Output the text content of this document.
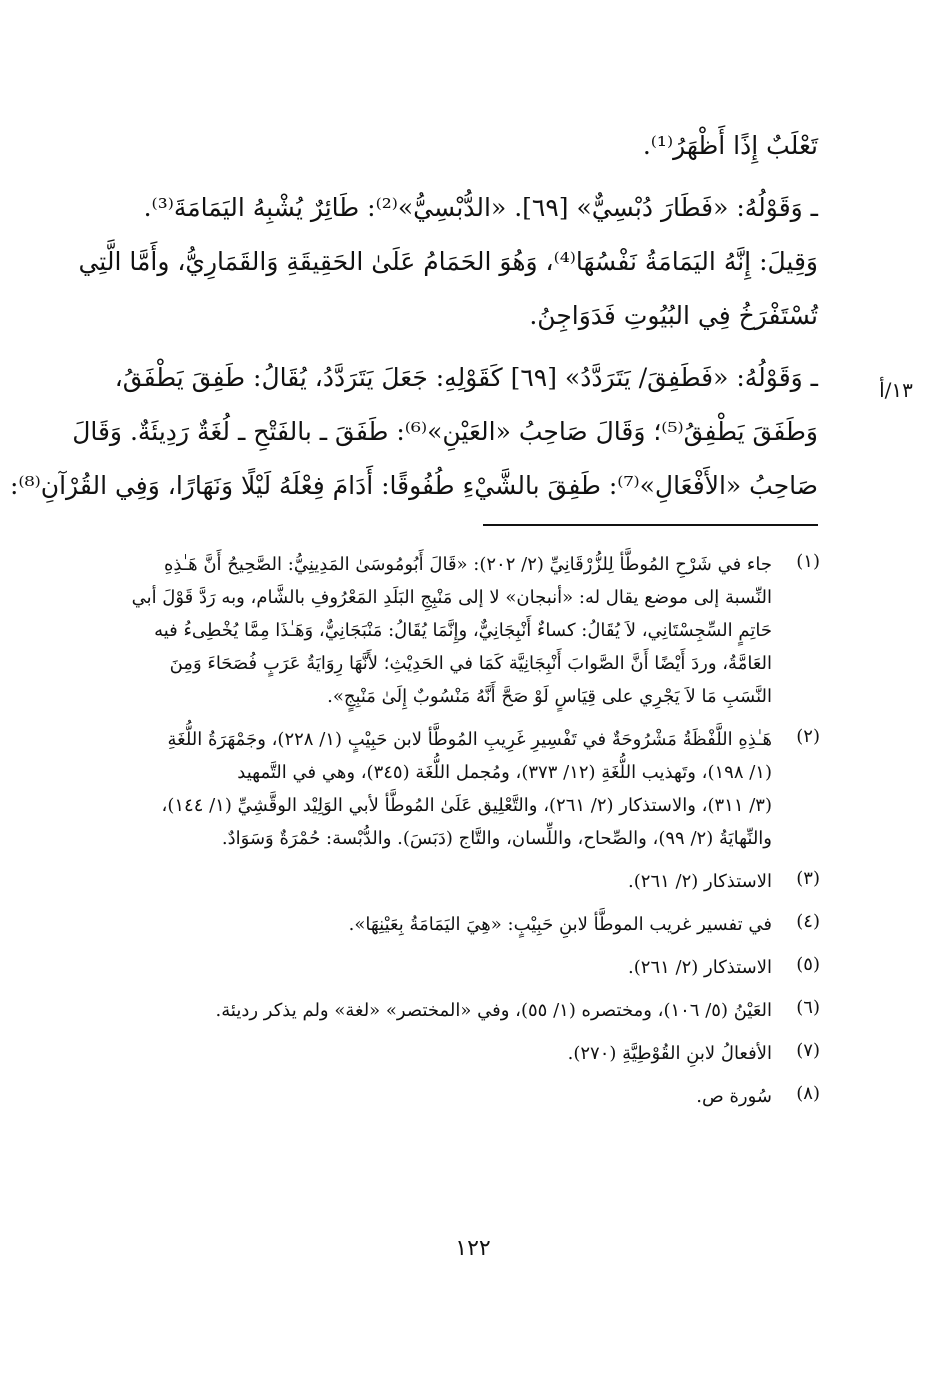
تَعْلَبٌ إِذًا أَظْهَرُ⁽¹⁾.
ـ وَقَوْلُهُ: «فَطَارَ دُبْسِيٌّ» [٦٩]. «الدُّبْسِيُّ»⁽²⁾: طَائِرٌ يُشْبِهُ اليَمَامَةَ⁽³⁾.
وَقِيلَ: إِنَّهُ اليَمَامَةُ نَفْسُهَا⁽⁴⁾، وَهُوَ الحَمَامُ عَلَىٰ الحَقِيقَةِ وَالقَمَارِيُّ، وأَمَّا الَّتِي
تُسْتَفْرَخُ فِي البُيُوتِ فَدَوَاجِنُ.
ـ وَقَوْلُهُ: «فَطَفِقَ/ يَتَرَدَّدُ» [٦٩] كَقَوْلِهِ: جَعَلَ يَتَرَدَّدُ، يُقَالُ: طَفِقَ يَطْفَقُ،
وَطَفَقَ يَطْفِقُ⁽⁵⁾؛ وَقَالَ صَاحِبُ «العَيْنِ»⁽⁶⁾: طَفَقَ ـ بالفَتْحِ ـ لُغَةٌ رَدِيئَةٌ. وَقَالَ
صَاحِبُ «الأَفْعَالِ»⁽⁷⁾: طَفِقَ بالشَّيْءِ طُفُوقًا: أَدَامَ فِعْلَهُ لَيْلًا وَنَهَارًا، وَفِي القُرْآنِ⁽⁸⁾:
١٣/أ
(١)
جاء في شَرْحِ المُوطَّأ لِلزُّرْقَانِيِّ (٢/ ٢٠٢): «قَالَ أَبُومُوسَىٰ المَدِينِيُّ: الصَّحِيحُ أَنَّ هَـٰذِهِ
النِّسبة إلى موضع يقال له: «أنبجان» لا إلى مَنْبِجِ البَلَدِ المَعْرُوفِ بالشَّام، وبه رَدَّ قَوْلَ أبي
حَاتِمٍ السِّجِسْتَانِي، لاَ يُقَالُ: كساءٌ أَنْبِجَانِيٌّ، وإِنَّمَا يُقَالُ: مَنْبَجَانِيٌّ، وَهَـٰذَا مِمَّا يُخْطِىءُ فيه
العَامَّةُ، وردَ أَيْضًا أَنَّ الصَّوابَ أَنْبِجَانِيَّة كَمَا في الحَدِيْثِ؛ لأَنَّهَا رِوَايَةُ عَرَبٍ فُصَحَاءَ وَمِنَ
النَّسَبِ مَا لاَ يَجْرِي على قِيَاسٍ لَوْ صَحَّ أَنَّهُ مَنْسُوبٌ إِلَىٰ مَنْبِجٍ».
(٢)
هَـٰذِهِ اللَّفْظَةُ مَشْرُوحَةٌ في تَفْسِيرِ غَرِيبِ المُوطَّأ لابن حَبِيْبٍ (١/ ٢٢٨)، وجَمْهَرَةُ اللُّغَةِ
(١/ ١٩٨)، وتَهذيب اللُّغَةِ (١٢/ ٣٧٣)، ومُجمل اللُّغَة (٣٤٥)، وهي في التَّمهيد
(٣/ ٣١١)، والاستذكار (٢/ ٢٦١)، والتَّعْلِيق عَلَىٰ المُوطَّأ لأبي الوَلِيْد الوقَّشِيِّ (١/ ١٤٤)،
والنِّهايَةُ (٢/ ٩٩)، والصِّحاح، واللِّسان، والتَّاج (دَبَسَ). والدُّبْسة: حُمْرَةٌ وَسَوَادٌ.
(٣)
الاستذكار (٢/ ٢٦١).
(٤)
في تفسير غريب الموطَّأ لابنِ حَبِيْبٍ: «هِيَ اليَمَامَةُ بِعَيْنِهَا».
(٥)
الاستذكار (٢/ ٢٦١).
(٦)
العَيْنُ (٥/ ١٠٦)، ومختصره (١/ ٥٥)، وفي «المختصر» «لغة» ولم يذكر رديئة.
(٧)
الأفعالُ لابنِ القُوْطِيَّةِ (٢٧٠).
(٨)
سُورة ص.
١٢٢
